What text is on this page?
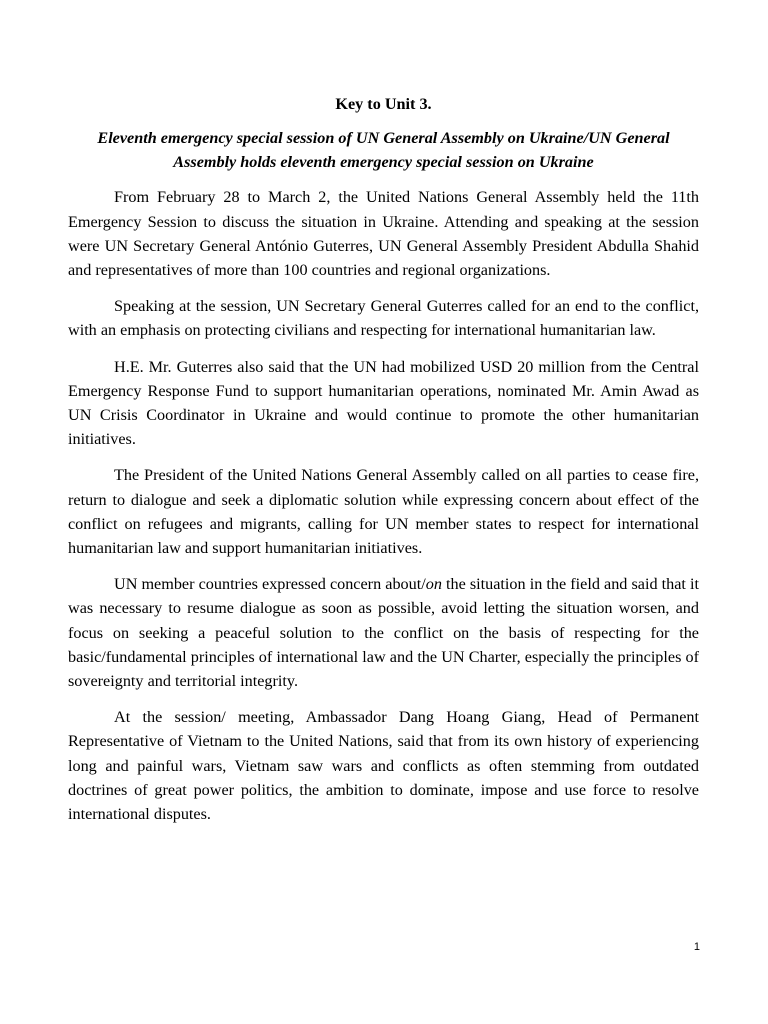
Key to Unit 3.
Eleventh emergency special session of UN General Assembly on Ukraine/UN General Assembly holds eleventh emergency special session on Ukraine

From February 28 to March 2, the United Nations General Assembly held the 11th Emergency Session to discuss the situation in Ukraine. Attending and speaking at the session were UN Secretary General António Guterres, UN General Assembly President Abdulla Shahid and representatives of more than 100 countries and regional organizations.

Speaking at the session, UN Secretary General Guterres called for an end to the conflict, with an emphasis on protecting civilians and respecting for international humanitarian law.

H.E. Mr. Guterres also said that the UN had mobilized USD 20 million from the Central Emergency Response Fund to support humanitarian operations, nominated Mr. Amin Awad as UN Crisis Coordinator in Ukraine and would continue to promote the other humanitarian initiatives.

The President of the United Nations General Assembly called on all parties to cease fire, return to dialogue and seek a diplomatic solution while expressing concern about effect of the conflict on refugees and migrants, calling for UN member states to respect for international humanitarian law and support humanitarian initiatives.

UN member countries expressed concern about/on the situation in the field and said that it was necessary to resume dialogue as soon as possible, avoid letting the situation worsen, and focus on seeking a peaceful solution to the conflict on the basis of respecting for the basic/fundamental principles of international law and the UN Charter, especially the principles of sovereignty and territorial integrity.

At the session/ meeting, Ambassador Dang Hoang Giang, Head of Permanent Representative of Vietnam to the United Nations, said that from its own history of experiencing long and painful wars, Vietnam saw wars and conflicts as often stemming from outdated doctrines of great power politics, the ambition to dominate, impose and use force to resolve international disputes.

1
